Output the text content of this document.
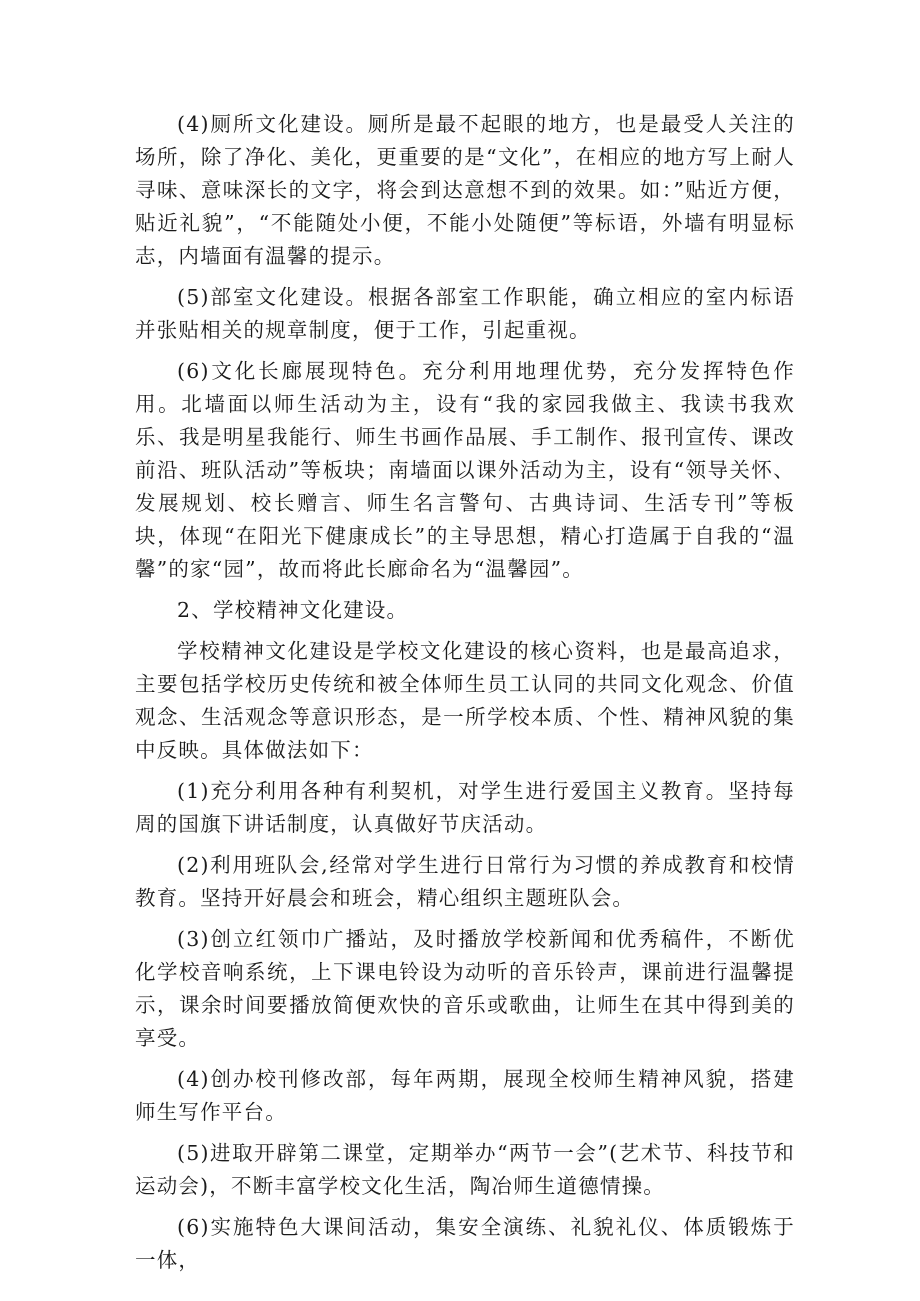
(4)厕所文化建设。厕所是最不起眼的地方，也是最受人关注的场所，除了净化、美化，更重要的是“文化”，在相应的地方写上耐人寻味、意味深长的文字，将会到达意想不到的效果。如：”贴近方便，贴近礼貌”，“不能随处小便，不能小处随便”等标语，外墙有明显标志，内墙面有温馨的提示。

(5)部室文化建设。根据各部室工作职能，确立相应的室内标语并张贴相关的规章制度，便于工作，引起重视。

(6)文化长廊展现特色。充分利用地理优势，充分发挥特色作用。北墙面以师生活动为主，设有“我的家园我做主、我读书我欢乐、我是明星我能行、师生书画作品展、手工制作、报刊宣传、课改前沿、班队活动”等板块；南墙面以课外活动为主，设有“领导关怀、发展规划、校长赠言、师生名言警句、古典诗词、生活专刊”等板块，体现“在阳光下健康成长”的主导思想，精心打造属于自我的“温馨”的家“园”，故而将此长廊命名为“温馨园”。

2、学校精神文化建设。

学校精神文化建设是学校文化建设的核心资料，也是最高追求，主要包括学校历史传统和被全体师生员工认同的共同文化观念、价值观念、生活观念等意识形态，是一所学校本质、个性、精神风貌的集中反映。具体做法如下：

(1)充分利用各种有利契机，对学生进行爱国主义教育。坚持每周的国旗下讲话制度，认真做好节庆活动。

(2)利用班队会,经常对学生进行日常行为习惯的养成教育和校情教育。坚持开好晨会和班会，精心组织主题班队会。

(3)创立红领巾广播站，及时播放学校新闻和优秀稿件，不断优化学校音响系统，上下课电铃设为动听的音乐铃声，课前进行温馨提示，课余时间要播放简便欢快的音乐或歌曲，让师生在其中得到美的享受。

(4)创办校刊修改部，每年两期，展现全校师生精神风貌，搭建师生写作平台。

(5)进取开辟第二课堂，定期举办“两节一会”(艺术节、科技节和运动会)，不断丰富学校文化生活，陶冶师生道德情操。

(6)实施特色大课间活动，集安全演练、礼貌礼仪、体质锻炼于一体，
